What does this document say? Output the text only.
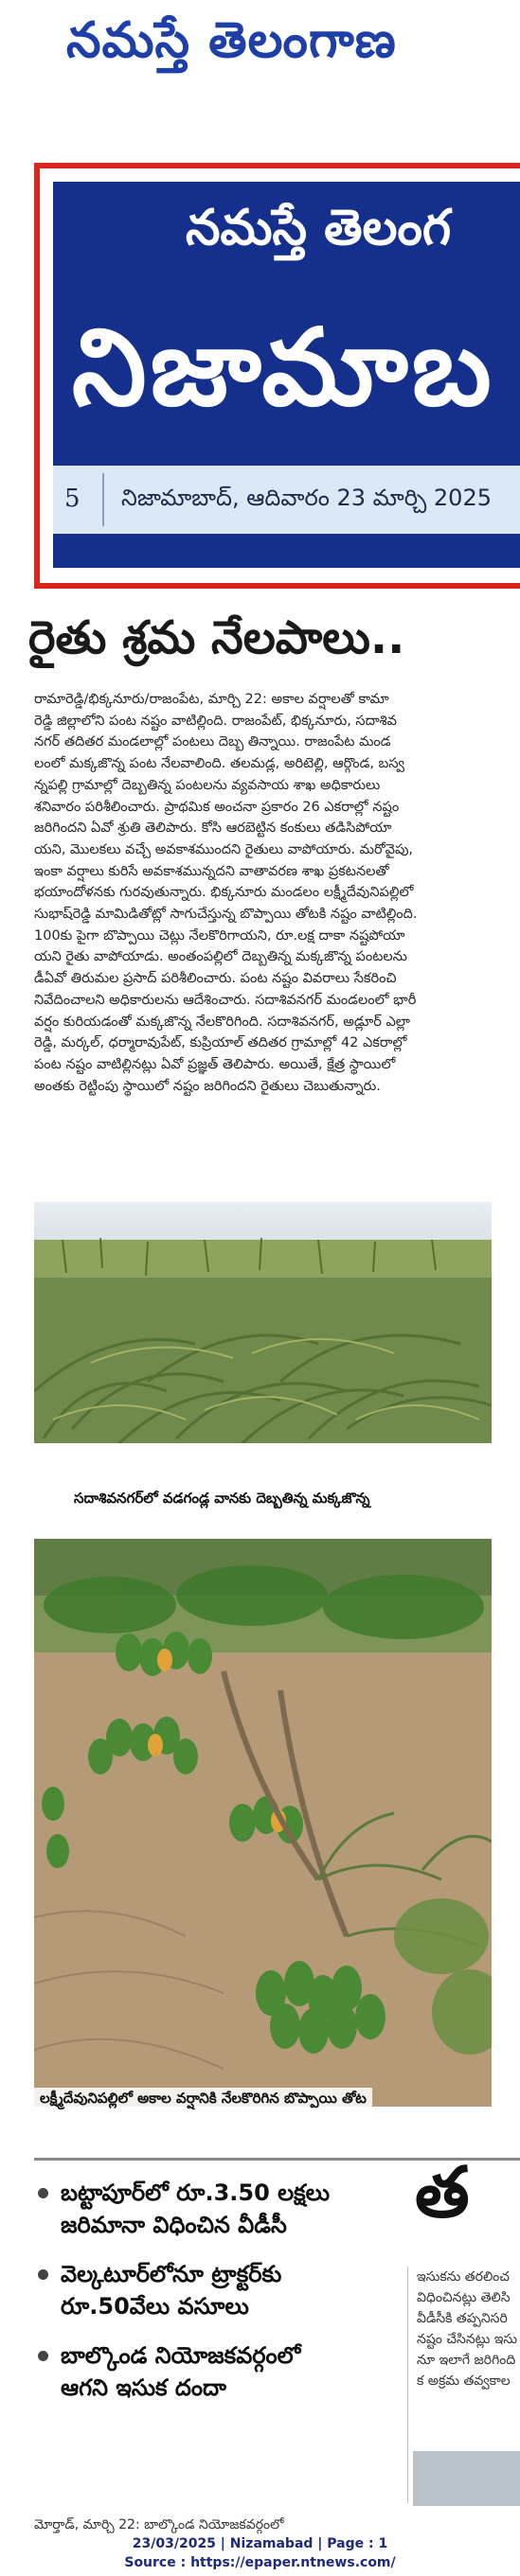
నమస్తే తెలంగాణ
నమస్తే తెలంగ
నిజామాబ
5 నిజామాబాద్, ఆదివారం 23 మార్చి 2025
రైతు శ్రమ నేలపాలు..
రామారెడ్డి/భిక్కనూరు/రాజంపేట, మార్చి 22: అకాల వర్షాలతో కామా
రెడ్డి జిల్లాలోని పంట నష్టం వాటిల్లింది. రాజంపేట్, భిక్కనూరు, సదాశివ
నగర్ తదితర మండలాల్లో పంటలు దెబ్బ తిన్నాయి. రాజంపేట మండ
లంలో మక్కజొన్న పంట నేలవాలింది. తలమడ్ల, అరిటెల్లి, ఆర్గొండ, బస్వ
న్నపల్లి గ్రామాల్లో దెబ్బతిన్న పంటలను వ్యవసాయ శాఖ అధికారులు
శనివారం పరిశీలించారు. ప్రాథమిక అంచనా ప్రకారం 26 ఎకరాల్లో నష్టం
జరిగిందని ఏవో శ్రుతి తెలిపారు. కోసి ఆరబెట్టిన కంకులు తడిసిపోయా
యని, మొలకలు వచ్చే అవకాశముందని రైతులు వాపోయారు. మరోవైపు,
ఇంకా వర్షాలు కురిసే అవకాశమున్నదని వాతావరణ శాఖ ప్రకటనలతో
భయాందోళనకు గురవుతున్నారు. భిక్కనూరు మండలం లక్ష్మీదేవునిపల్లిలో
సుభాష్‌రెడ్డి మామిడితోట్లో సాగుచేస్తున్న బొప్పాయి తోటకి నష్టం వాటిల్లింది.
100కు పైగా బొప్పాయి చెట్లు నేలకొరిగాయని, రూ.లక్ష దాకా నష్టపోయా
యని రైతు వాపోయాడు. అంతంపల్లిలో దెబ్బతిన్న మక్కజొన్న పంటలను
డీఏవో తిరుమల ప్రసాద్ పరిశీలించారు. పంట నష్టం వివరాలు సేకరించి
నివేదించాలని అధికారులను ఆదేశించారు. సదాశివనగర్ మండలంలో భారీ
వర్షం కురియడంతో మక్కజొన్న నేలకొరిగింది. సదాశివనగర్, అడ్లూర్ ఎల్లా
రెడ్డి, మర్కల్, ధర్మారావుపేట్, కుప్రియాల్ తదితర గ్రామాల్లో 42 ఎకరాల్లో
పంట నష్టం వాటిల్లినట్లు ఏవో ప్రజ్ఞత్ తెలిపారు. అయితే, క్షేత్ర స్థాయిలో
అంతకు రెట్టింపు స్థాయిలో నష్టం జరిగిందని రైతులు చెబుతున్నారు.
సదాశివనగర్‌లో వడగండ్ల వానకు దెబ్బతిన్న మక్కజొన్న
లక్ష్మీదేవునిపల్లిలో అకాల వర్షానికి నేలకొరిగిన బొప్పాయి తోట
బట్టాపూర్‌లో రూ.3.50 లక్షలు
జరిమానా విధించిన వీడీసీ
వెల్కటూర్‌లోనూ ట్రాక్టర్‌కు
రూ.50వేలు వసూలు
బాల్కొండ నియోజకవర్గంలో
ఆగని ఇసుక దందా
త
ఇసుకను తరలించ
విధించినట్లు తెలిసి
వీడీసీకి తప్పనిసరి
నష్టం చేసినట్లు ఇసు
నూ ఇలాగే జరిగింది
క అక్రమ తవ్వకాల
మోర్తాడ్, మార్చి 22: బాల్కొండ నియోజకవర్గంలో
23/03/2025 | Nizamabad | Page : 1
Source : https://epaper.ntnews.com/
